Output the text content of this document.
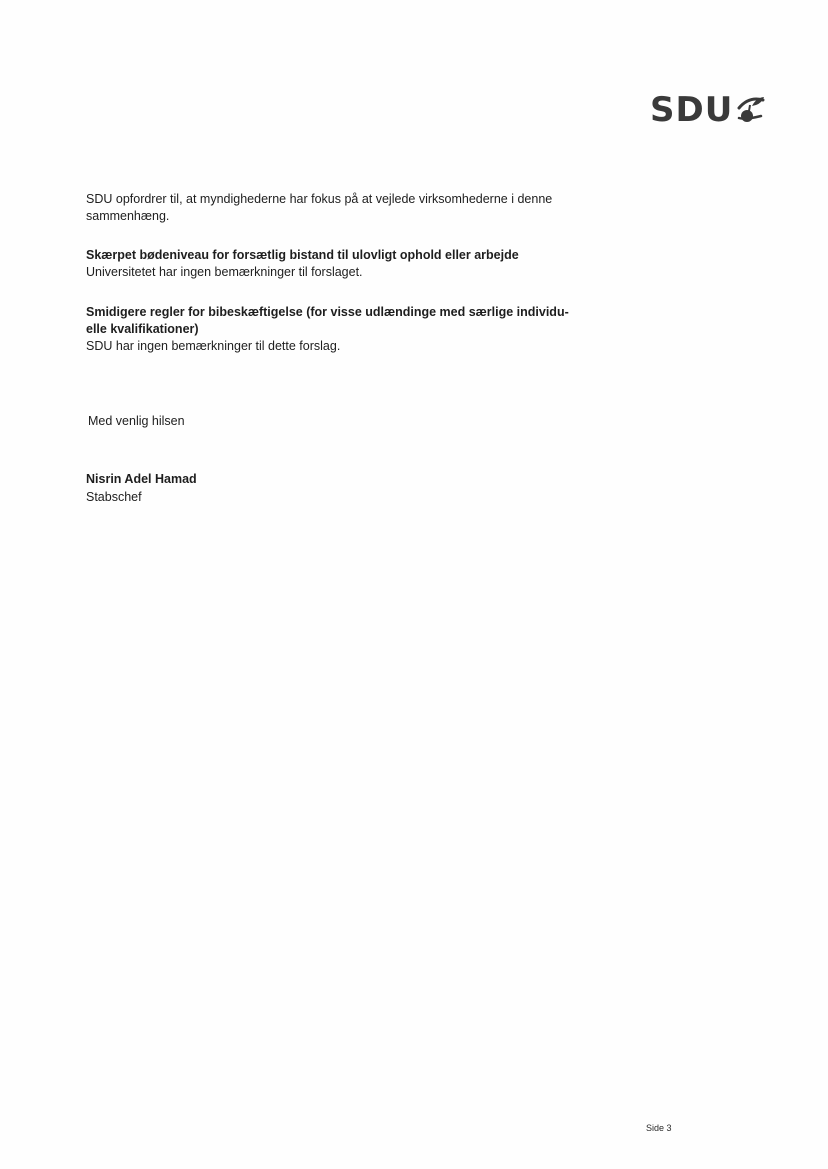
SDU
SDU opfordrer til, at myndighederne har fokus på at vejlede virksomhederne i denne sammenhæng.
Skærpet bødeniveau for forsætlig bistand til ulovligt ophold eller arbejde
Universitetet har ingen bemærkninger til forslaget.
Smidigere regler for bibeskæftigelse (for visse udlændinge med særlige individu-elle kvalifikationer)
SDU har ingen bemærkninger til dette forslag.
Med venlig hilsen
Nisrin Adel Hamad
Stabschef
Side 3
